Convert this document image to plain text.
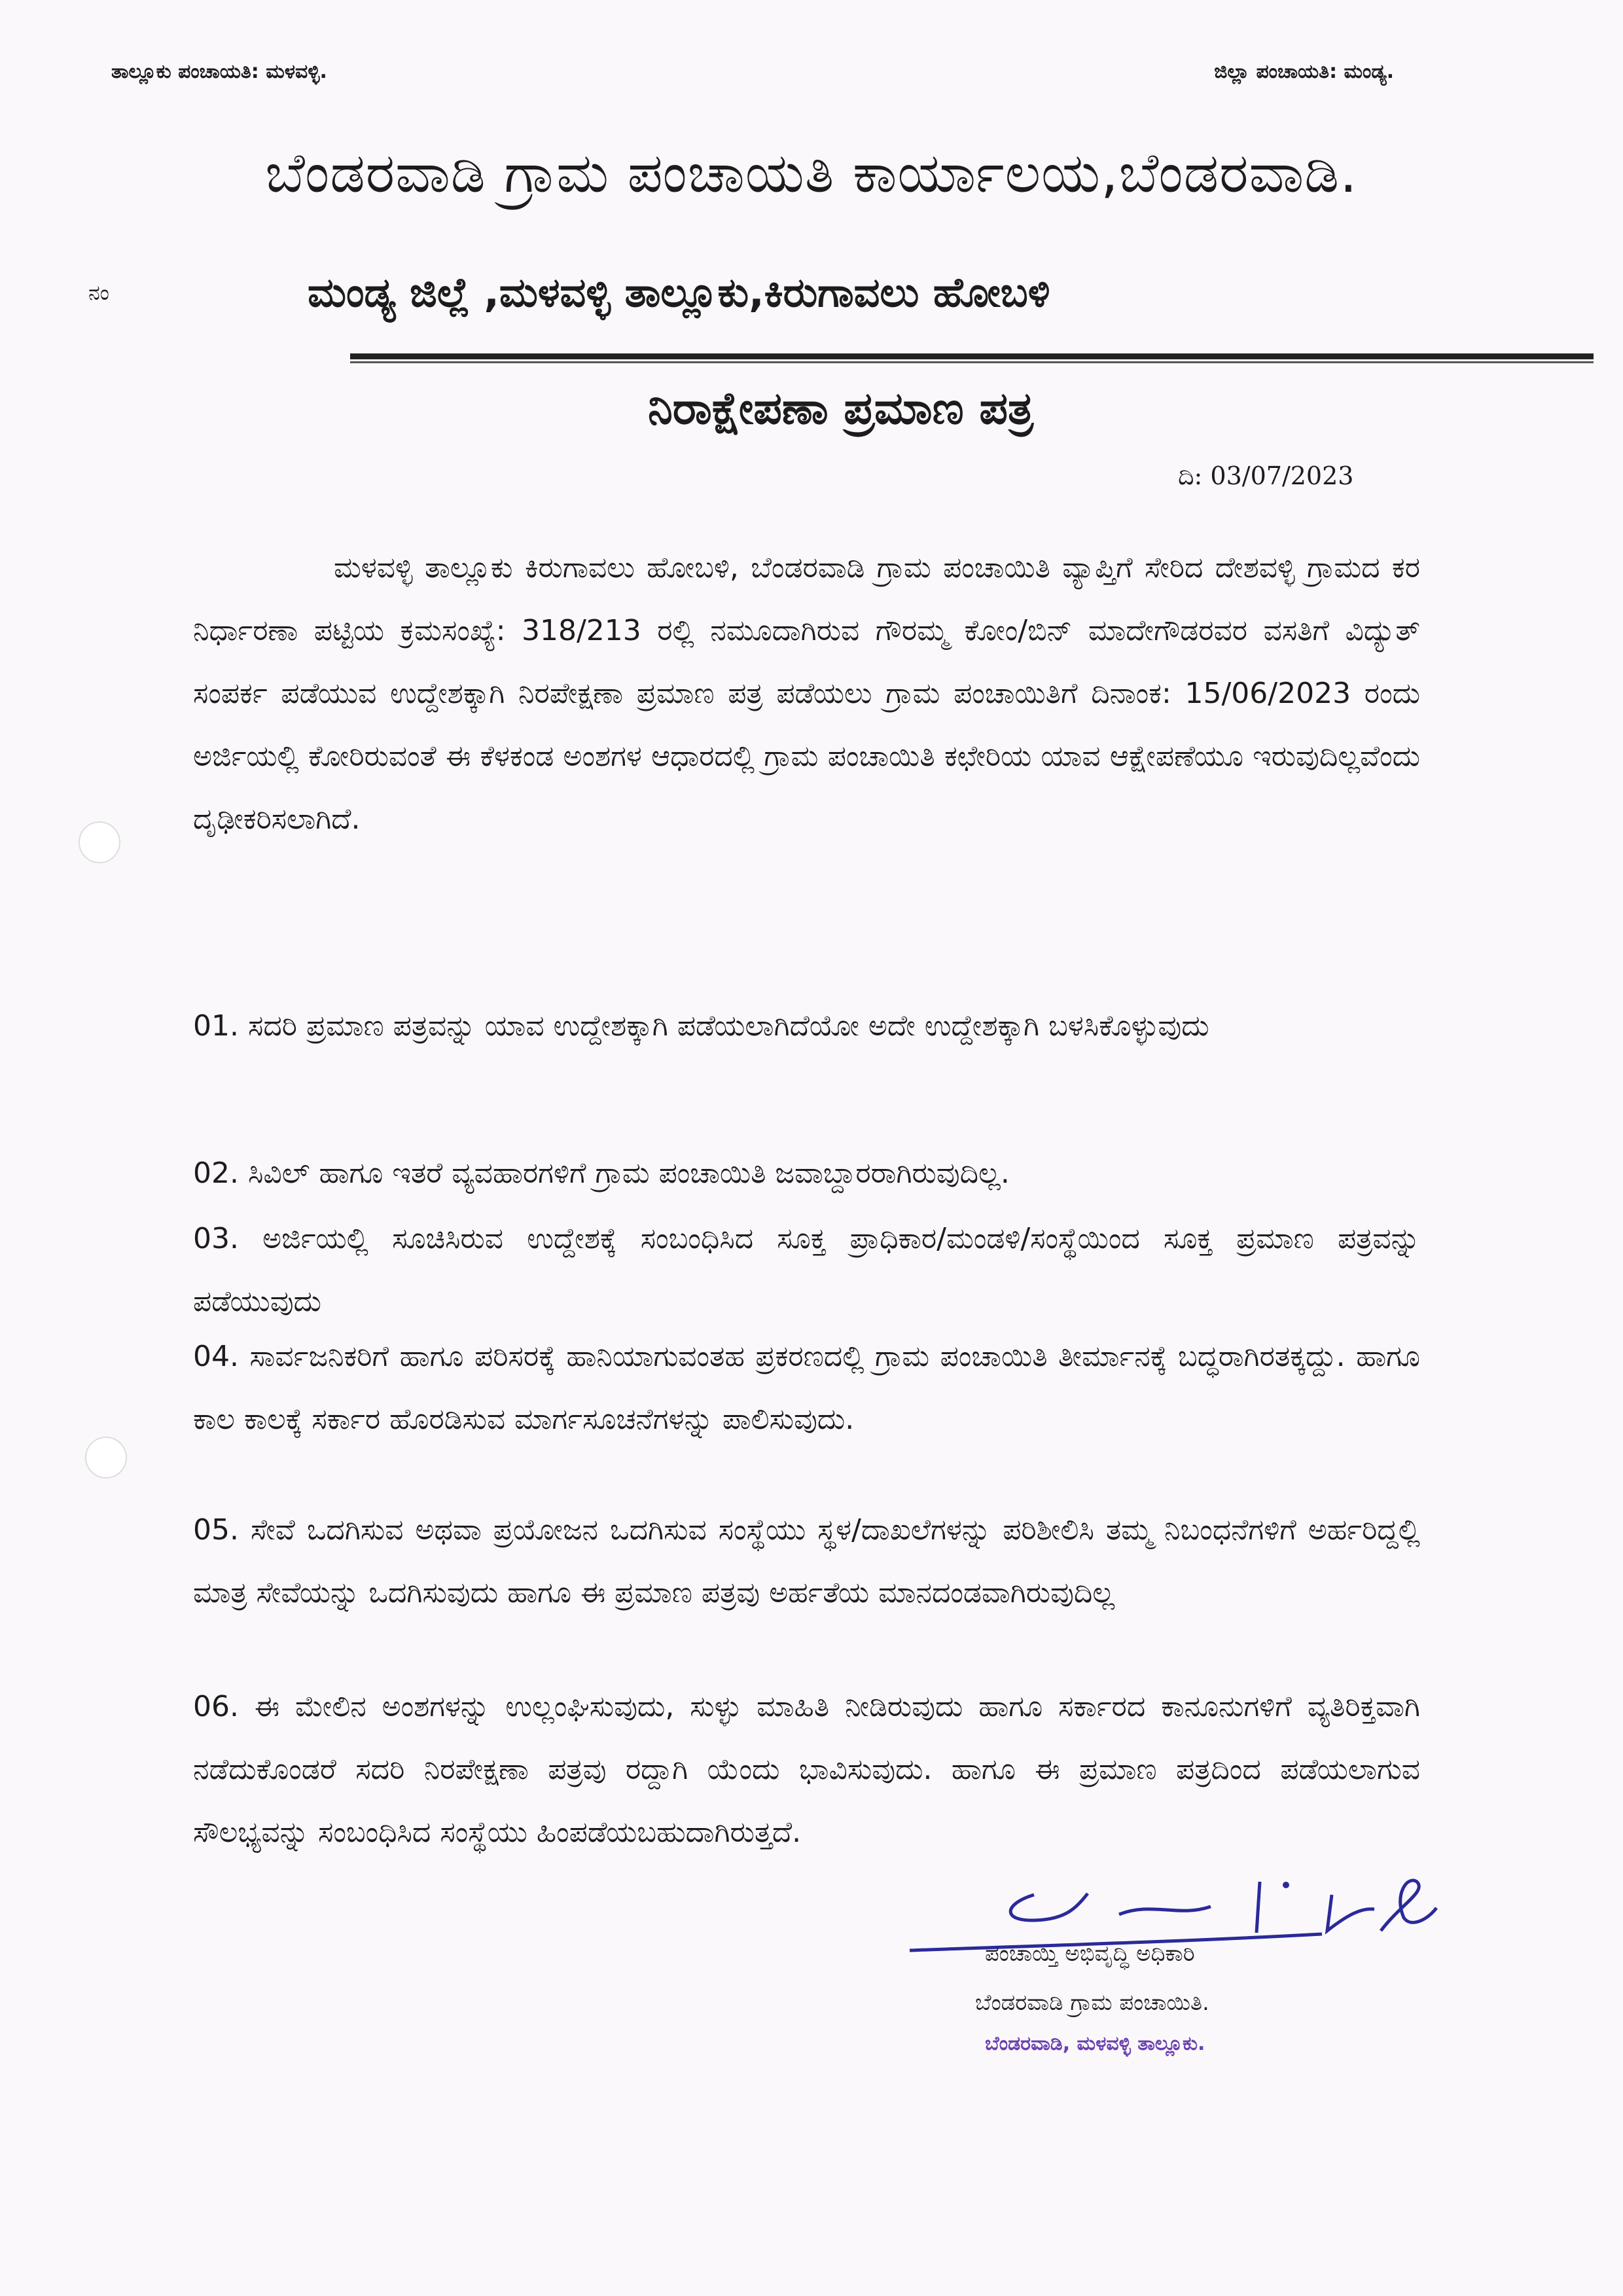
ತಾಲ್ಲೂಕು ಪಂಚಾಯತಿ: ಮಳವಳ್ಳಿ.	ಜಿಲ್ಲಾ ಪಂಚಾಯತಿ: ಮಂಡ್ಯ.
ಬೆಂಡರವಾಡಿ ಗ್ರಾಮ ಪಂಚಾಯತಿ ಕಾರ್ಯಾಲಯ,ಬೆಂಡರವಾಡಿ.
ನಂ	ಮಂಡ್ಯ ಜಿಲ್ಲೆ ,ಮಳವಳ್ಳಿ ತಾಲ್ಲೂಕು,ಕಿರುಗಾವಲು ಹೋಬಳಿ
ನಿರಾಕ್ಷೇಪಣಾ ಪ್ರಮಾಣ ಪತ್ರ
ದಿ: 03/07/2023
ಮಳವಳ್ಳಿ ತಾಲ್ಲೂಕು ಕಿರುಗಾವಲು ಹೋಬಳಿ, ಬೆಂಡರವಾಡಿ ಗ್ರಾಮ ಪಂಚಾಯಿತಿ ವ್ಯಾಪ್ತಿಗೆ ಸೇರಿದ ದೇಶವಳ್ಳಿ ಗ್ರಾಮದ ಕರ ನಿರ್ಧಾರಣಾ ಪಟ್ಟಿಯ ಕ್ರಮಸಂಖ್ಯೆ: 318/213 ರಲ್ಲಿ ನಮೂದಾಗಿರುವ ಗೌರಮ್ಮ ಕೋಂ/ಬಿನ್ ಮಾದೇಗೌಡರವರ ವಸತಿಗೆ ವಿದ್ಯುತ್ ಸಂಪರ್ಕ ಪಡೆಯುವ ಉದ್ದೇಶಕ್ಕಾಗಿ ನಿರಪೇಕ್ಷಣಾ ಪ್ರಮಾಣ ಪತ್ರ ಪಡೆಯಲು ಗ್ರಾಮ ಪಂಚಾಯಿತಿಗೆ ದಿನಾಂಕ: 15/06/2023 ರಂದು ಅರ್ಜಿಯಲ್ಲಿ ಕೋರಿರುವಂತೆ ಈ ಕೆಳಕಂಡ ಅಂಶಗಳ ಆಧಾರದಲ್ಲಿ ಗ್ರಾಮ ಪಂಚಾಯಿತಿ ಕಛೇರಿಯ ಯಾವ ಆಕ್ಷೇಪಣೆಯೂ ಇರುವುದಿಲ್ಲವೆಂದು ದೃಢೀಕರಿಸಲಾಗಿದೆ.
01. ಸದರಿ ಪ್ರಮಾಣ ಪತ್ರವನ್ನು ಯಾವ ಉದ್ದೇಶಕ್ಕಾಗಿ ಪಡೆಯಲಾಗಿದೆಯೋ ಅದೇ ಉದ್ದೇಶಕ್ಕಾಗಿ ಬಳಸಿಕೊಳ್ಳುವುದು
02. ಸಿವಿಲ್ ಹಾಗೂ ಇತರೆ ವ್ಯವಹಾರಗಳಿಗೆ ಗ್ರಾಮ ಪಂಚಾಯಿತಿ ಜವಾಬ್ದಾರರಾಗಿರುವುದಿಲ್ಲ.
03. ಅರ್ಜಿಯಲ್ಲಿ ಸೂಚಿಸಿರುವ ಉದ್ದೇಶಕ್ಕೆ ಸಂಬಂಧಿಸಿದ ಸೂಕ್ತ ಪ್ರಾಧಿಕಾರ/ಮಂಡಳಿ/ಸಂಸ್ಥೆಯಿಂದ ಸೂಕ್ತ ಪ್ರಮಾಣ ಪತ್ರವನ್ನು ಪಡೆಯುವುದು
04. ಸಾರ್ವಜನಿಕರಿಗೆ ಹಾಗೂ ಪರಿಸರಕ್ಕೆ ಹಾನಿಯಾಗುವಂತಹ ಪ್ರಕರಣದಲ್ಲಿ ಗ್ರಾಮ ಪಂಚಾಯಿತಿ ತೀರ್ಮಾನಕ್ಕೆ ಬದ್ಧರಾಗಿರತಕ್ಕದ್ದು. ಹಾಗೂ ಕಾಲ ಕಾಲಕ್ಕೆ ಸರ್ಕಾರ ಹೊರಡಿಸುವ ಮಾರ್ಗಸೂಚನೆಗಳನ್ನು ಪಾಲಿಸುವುದು.
05. ಸೇವೆ ಒದಗಿಸುವ ಅಥವಾ ಪ್ರಯೋಜನ ಒದಗಿಸುವ ಸಂಸ್ಥೆಯು ಸ್ಥಳ/ದಾಖಲೆಗಳನ್ನು ಪರಿಶೀಲಿಸಿ ತಮ್ಮ ನಿಬಂಧನೆಗಳಿಗೆ ಅರ್ಹರಿದ್ದಲ್ಲಿ ಮಾತ್ರ ಸೇವೆಯನ್ನು ಒದಗಿಸುವುದು ಹಾಗೂ ಈ ಪ್ರಮಾಣ ಪತ್ರವು ಅರ್ಹತೆಯ ಮಾನದಂಡವಾಗಿರುವುದಿಲ್ಲ
06. ಈ ಮೇಲಿನ ಅಂಶಗಳನ್ನು ಉಲ್ಲಂಘಿಸುವುದು, ಸುಳ್ಳು ಮಾಹಿತಿ ನೀಡಿರುವುದು ಹಾಗೂ ಸರ್ಕಾರದ ಕಾನೂನುಗಳಿಗೆ ವ್ಯತಿರಿಕ್ತವಾಗಿ ನಡೆದುಕೊಂಡರೆ ಸದರಿ ನಿರಪೇಕ್ಷಣಾ ಪತ್ರವು ರದ್ದಾಗಿ ಯೆಂದು ಭಾವಿಸುವುದು. ಹಾಗೂ ಈ ಪ್ರಮಾಣ ಪತ್ರದಿಂದ ಪಡೆಯಲಾಗುವ ಸೌಲಭ್ಯವನ್ನು ಸಂಬಂಧಿಸಿದ ಸಂಸ್ಥೆಯು ಹಿಂಪಡೆಯಬಹುದಾಗಿರುತ್ತದೆ.
ಪಂಚಾಯ್ತಿ ಅಭಿವೃದ್ಧಿ ಅಧಿಕಾರಿ
ಬೆಂಡರವಾಡಿ ಗ್ರಾಮ ಪಂಚಾಯಿತಿ.
ಬೆಂಡರವಾಡಿ, ಮಳವಳ್ಳಿ ತಾಲ್ಲೂಕು.
